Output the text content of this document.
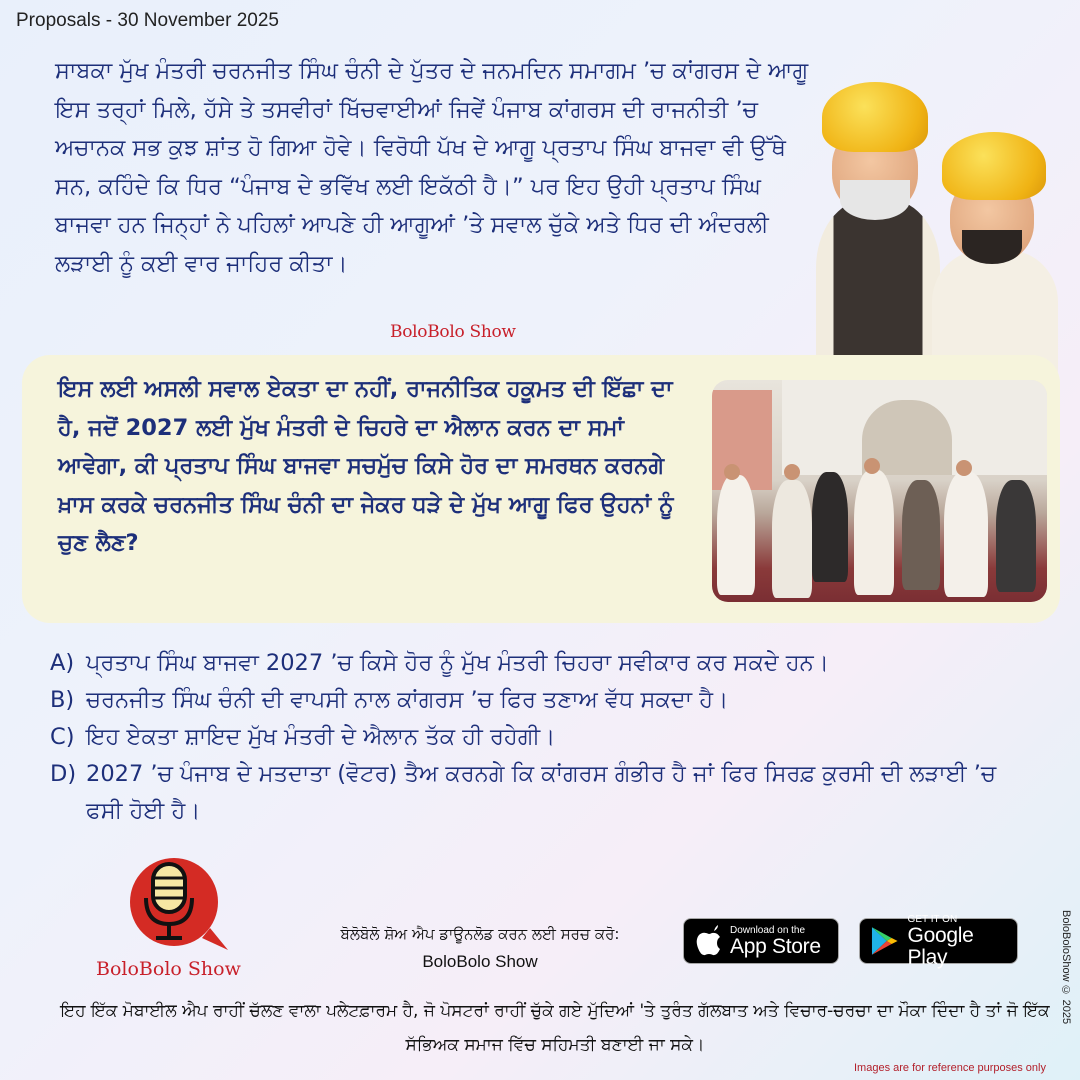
Proposals - 30 November 2025

ਸਾਬਕਾ ਮੁੱਖ ਮੰਤਰੀ ਚਰਨਜੀਤ ਸਿੰਘ ਚੰਨੀ ਦੇ ਪੁੱਤਰ ਦੇ ਜਨਮਦਿਨ ਸਮਾਗਮ ’ਚ ਕਾਂਗਰਸ ਦੇ ਆਗੂ ਇਸ ਤਰ੍ਹਾਂ ਮਿਲੇ, ਹੱਸੇ ਤੇ ਤਸਵੀਰਾਂ ਖਿੱਚਵਾਈਆਂ ਜਿਵੇਂ ਪੰਜਾਬ ਕਾਂਗਰਸ ਦੀ ਰਾਜਨੀਤੀ ’ਚ ਅਚਾਨਕ ਸਭ ਕੁਝ ਸ਼ਾਂਤ ਹੋ ਗਿਆ ਹੋਵੇ। ਵਿਰੋਧੀ ਪੱਖ ਦੇ ਆਗੂ ਪ੍ਰਤਾਪ ਸਿੰਘ ਬਾਜਵਾ ਵੀ ਉੱਥੇ ਸਨ, ਕਹਿੰਦੇ ਕਿ ਧਿਰ “ਪੰਜਾਬ ਦੇ ਭਵਿੱਖ ਲਈ ਇਕੱਠੀ ਹੈ।” ਪਰ ਇਹ ਉਹੀ ਪ੍ਰਤਾਪ ਸਿੰਘ ਬਾਜਵਾ ਹਨ ਜਿਨ੍ਹਾਂ ਨੇ ਪਹਿਲਾਂ ਆਪਣੇ ਹੀ ਆਗੂਆਂ ’ਤੇ ਸਵਾਲ ਚੁੱਕੇ ਅਤੇ ਧਿਰ ਦੀ ਅੰਦਰਲੀ ਲੜਾਈ ਨੂੰ ਕਈ ਵਾਰ ਜਾਹਿਰ ਕੀਤਾ।

BoloBolo Show

ਇਸ ਲਈ ਅਸਲੀ ਸਵਾਲ ਏਕਤਾ ਦਾ ਨਹੀਂ, ਰਾਜਨੀਤਿਕ ਹਕੂਮਤ ਦੀ ਇੱਛਾ ਦਾ ਹੈ, ਜਦੋਂ 2027 ਲਈ ਮੁੱਖ ਮੰਤਰੀ ਦੇ ਚਿਹਰੇ ਦਾ ਐਲਾਨ ਕਰਨ ਦਾ ਸਮਾਂ ਆਵੇਗਾ, ਕੀ ਪ੍ਰਤਾਪ ਸਿੰਘ ਬਾਜਵਾ ਸਚਮੁੱਚ ਕਿਸੇ ਹੋਰ ਦਾ ਸਮਰਥਨ ਕਰਨਗੇ ਖ਼ਾਸ ਕਰਕੇ ਚਰਨਜੀਤ ਸਿੰਘ ਚੰਨੀ ਦਾ ਜੇਕਰ ਧੜੇ ਦੇ ਮੁੱਖ ਆਗੂ ਫਿਰ ਉਹਨਾਂ ਨੂੰ ਚੁਣ ਲੈਣ?

A) ਪ੍ਰਤਾਪ ਸਿੰਘ ਬਾਜਵਾ 2027 ’ਚ ਕਿਸੇ ਹੋਰ ਨੂੰ ਮੁੱਖ ਮੰਤਰੀ ਚਿਹਰਾ ਸਵੀਕਾਰ ਕਰ ਸਕਦੇ ਹਨ।
B) ਚਰਨਜੀਤ ਸਿੰਘ ਚੰਨੀ ਦੀ ਵਾਪਸੀ ਨਾਲ ਕਾਂਗਰਸ ’ਚ ਫਿਰ ਤਣਾਅ ਵੱਧ ਸਕਦਾ ਹੈ।
C) ਇਹ ਏਕਤਾ ਸ਼ਾਇਦ ਮੁੱਖ ਮੰਤਰੀ ਦੇ ਐਲਾਨ ਤੱਕ ਹੀ ਰਹੇਗੀ।
D) 2027 ’ਚ ਪੰਜਾਬ ਦੇ ਮਤਦਾਤਾ (ਵੋਟਰ) ਤੈਅ ਕਰਨਗੇ ਕਿ ਕਾਂਗਰਸ ਗੰਭੀਰ ਹੈ ਜਾਂ ਫਿਰ ਸਿਰਫ਼ ਕੁਰਸੀ ਦੀ ਲੜਾਈ ’ਚ ਫਸੀ ਹੋਈ ਹੈ।
BoloBolo Show
ਬੋਲੋਬੋਲੋ ਸ਼ੋਅ ਐਪ ਡਾਊਨਲੋਡ ਕਰਨ ਲਈ ਸਰਚ ਕਰੋ:
BoloBolo Show
Download on the
App Store
GET IT ON
Google Play
ਇਹ ਇੱਕ ਮੋਬਾਈਲ ਐਪ ਰਾਹੀਂ ਚੱਲਣ ਵਾਲਾ ਪਲੇਟਫ਼ਾਰਮ ਹੈ, ਜੋ ਪੋਸਟਰਾਂ ਰਾਹੀਂ ਚੁੱਕੇ ਗਏ ਮੁੱਦਿਆਂ 'ਤੇ ਤੁਰੰਤ ਗੱਲਬਾਤ ਅਤੇ ਵਿਚਾਰ-ਚਰਚਾ ਦਾ ਮੌਕਾ ਦਿੰਦਾ ਹੈ ਤਾਂ ਜੋ ਇੱਕ ਸੱਭਿਅਕ ਸਮਾਜ ਵਿੱਚ ਸਹਿਮਤੀ ਬਣਾਈ ਜਾ ਸਕੇ।
Images are for reference purposes only
BoloBoloShow © 2025
